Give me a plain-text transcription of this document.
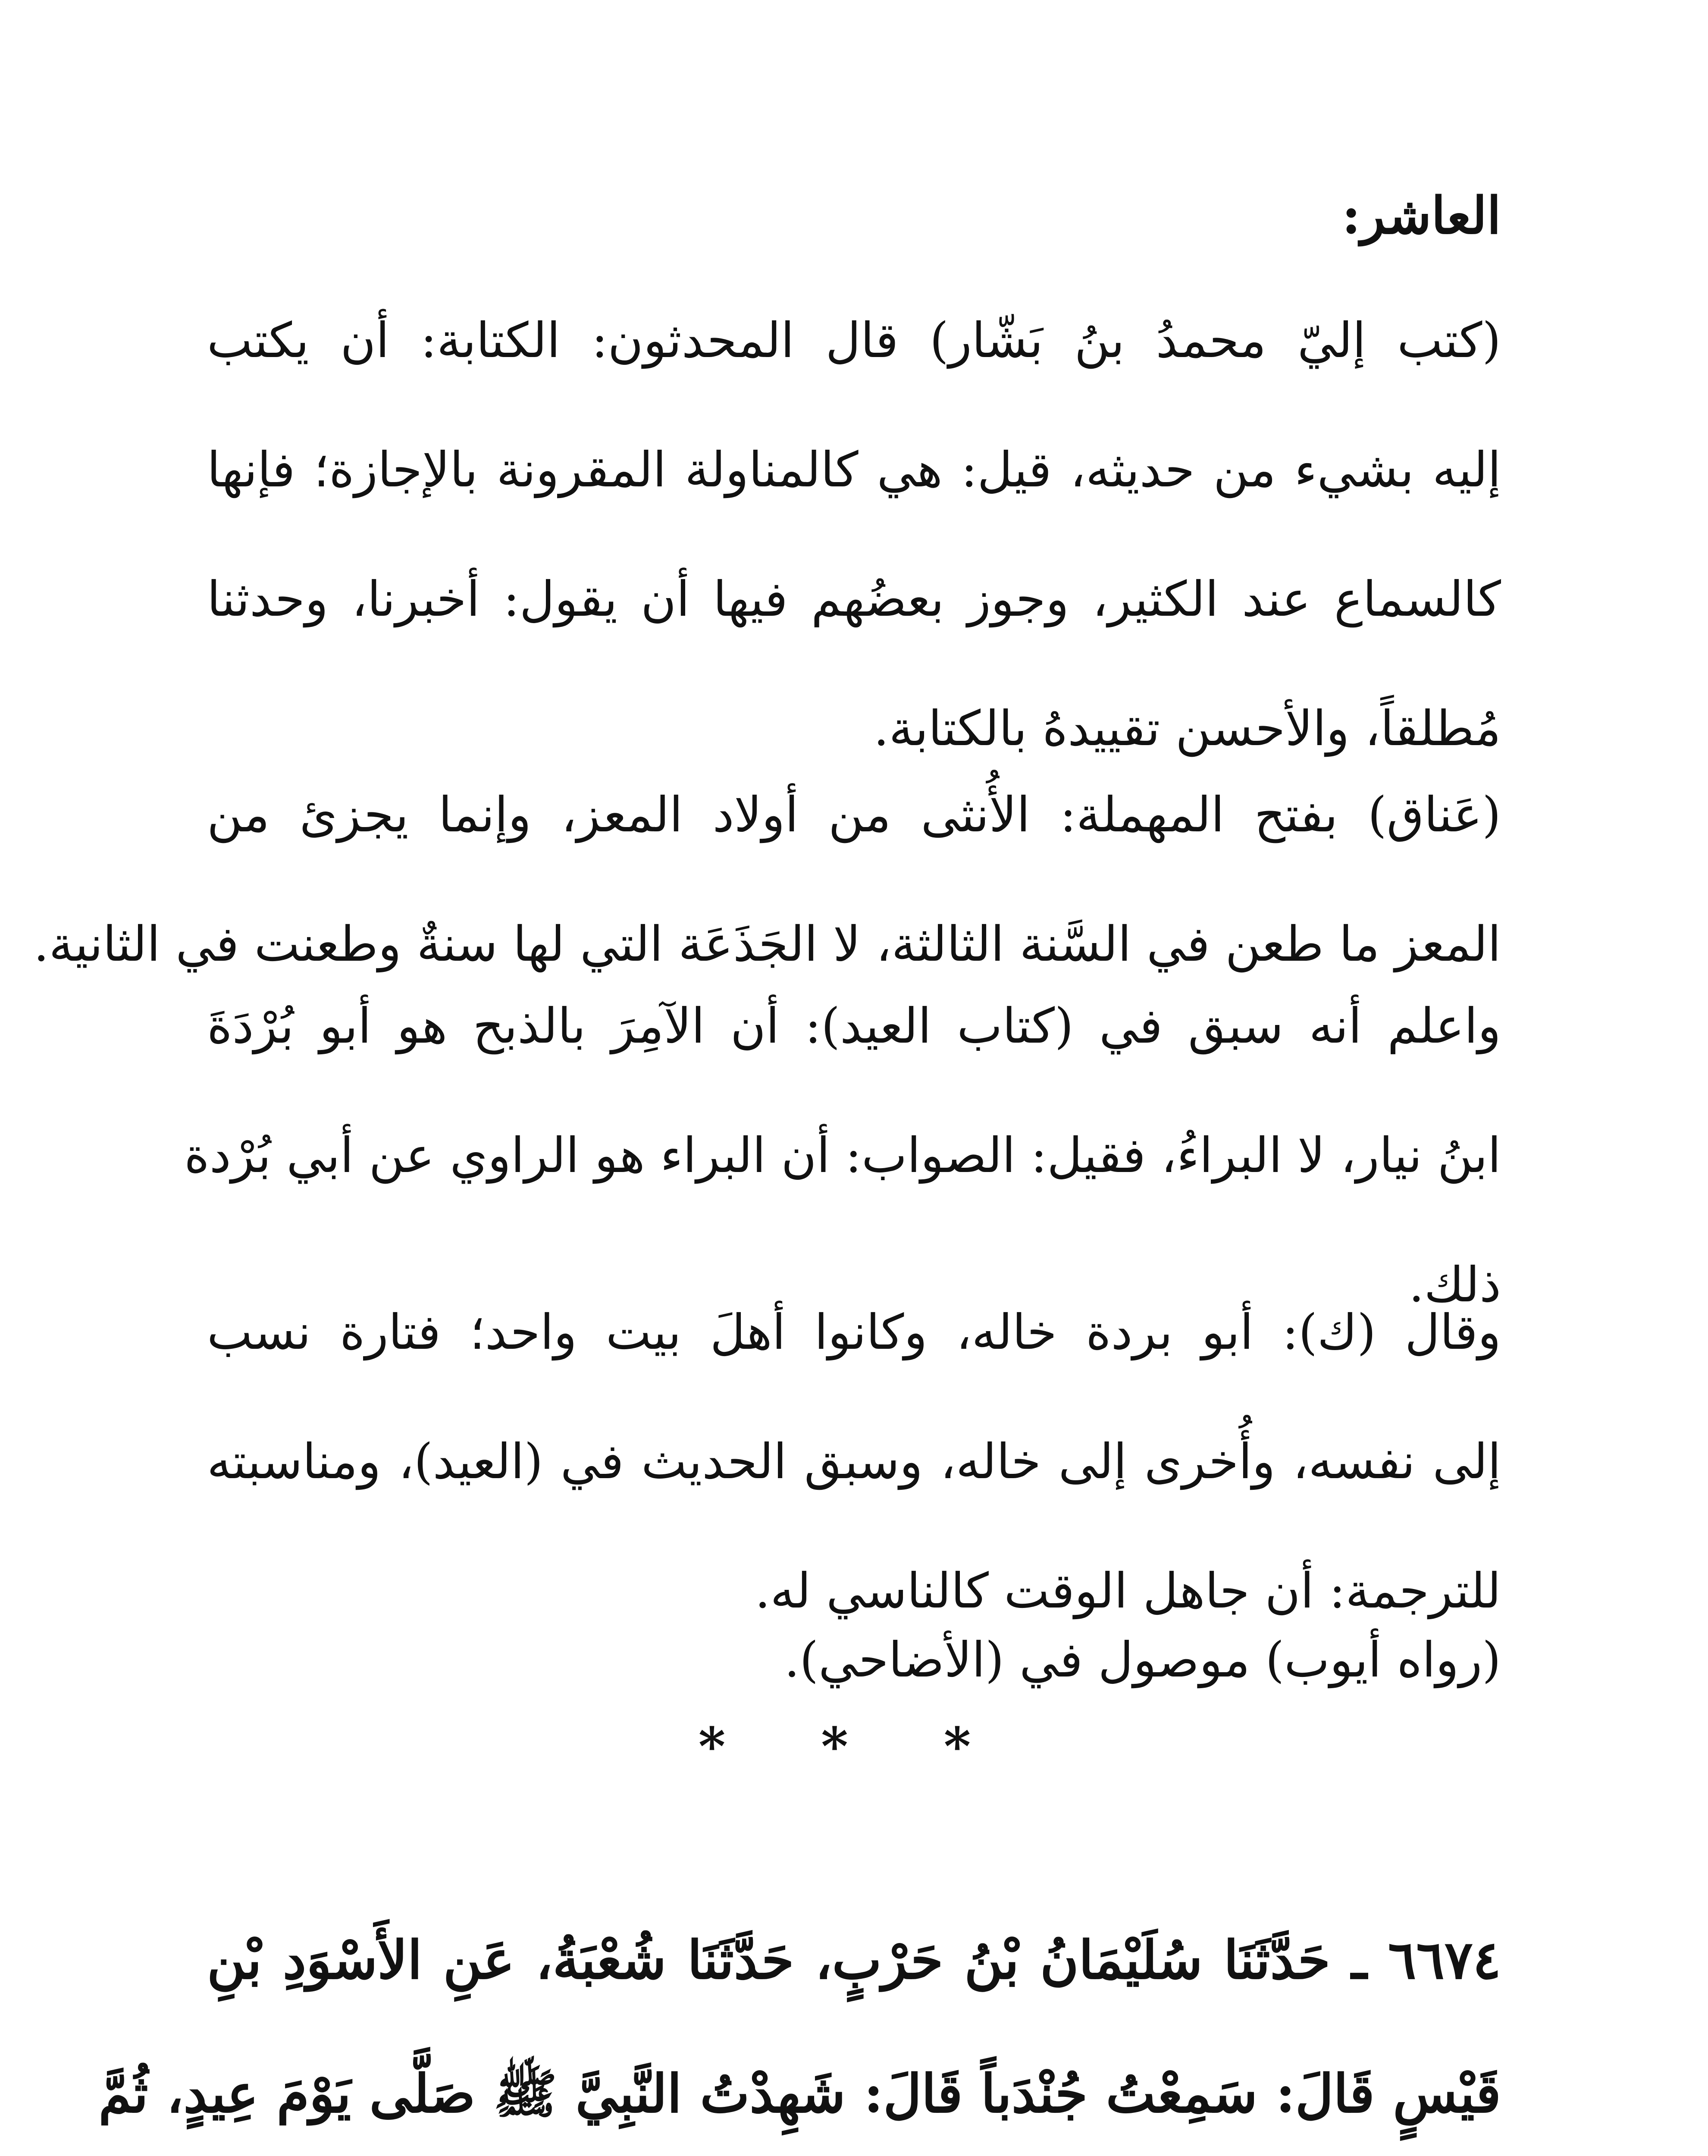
العاشر:
(كتب إليّ محمدُ بنُ بَشّار) قال المحدثون: الكتابة: أن يكتب
إليه بشيء من حديثه، قيل: هي كالمناولة المقرونة بالإجازة؛ فإنها
كالسماع عند الكثير، وجوز بعضُهم فيها أن يقول: أخبرنا، وحدثنا
مُطلقاً، والأحسن تقييدهُ بالكتابة.
(عَناق) بفتح المهملة: الأُنثى من أولاد المعز، وإنما يجزئ من
المعز ما طعن في السَّنة الثالثة، لا الجَذَعَة التي لها سنةٌ وطعنت في الثانية.
واعلم أنه سبق في (كتاب العيد): أن الآمِرَ بالذبح هو أبو بُرْدَةَ
ابنُ نيار، لا البراءُ، فقيل: الصواب: أن البراء هو الراوي عن أبي بُرْدة
ذلك.
وقال (ك): أبو بردة خاله، وكانوا أهلَ بيت واحد؛ فتارة نسب
إلى نفسه، وأُخرى إلى خاله، وسبق الحديث في (العيد)، ومناسبته
للترجمة: أن جاهل الوقت كالناسي له.
(رواه أيوب) موصول في (الأضاحي).
* * *
٦٦٧٤ ـ حَدَّثَنَا سُلَيْمَانُ بْنُ حَرْبٍ، حَدَّثَنَا شُعْبَةُ، عَنِ الأَسْوَدِ بْنِ
قَيْسٍ قَالَ: سَمِعْتُ جُنْدَباً قَالَ: شَهِدْتُ النَّبِيَّ ﷺ صَلَّى يَوْمَ عِيدٍ، ثُمَّ
